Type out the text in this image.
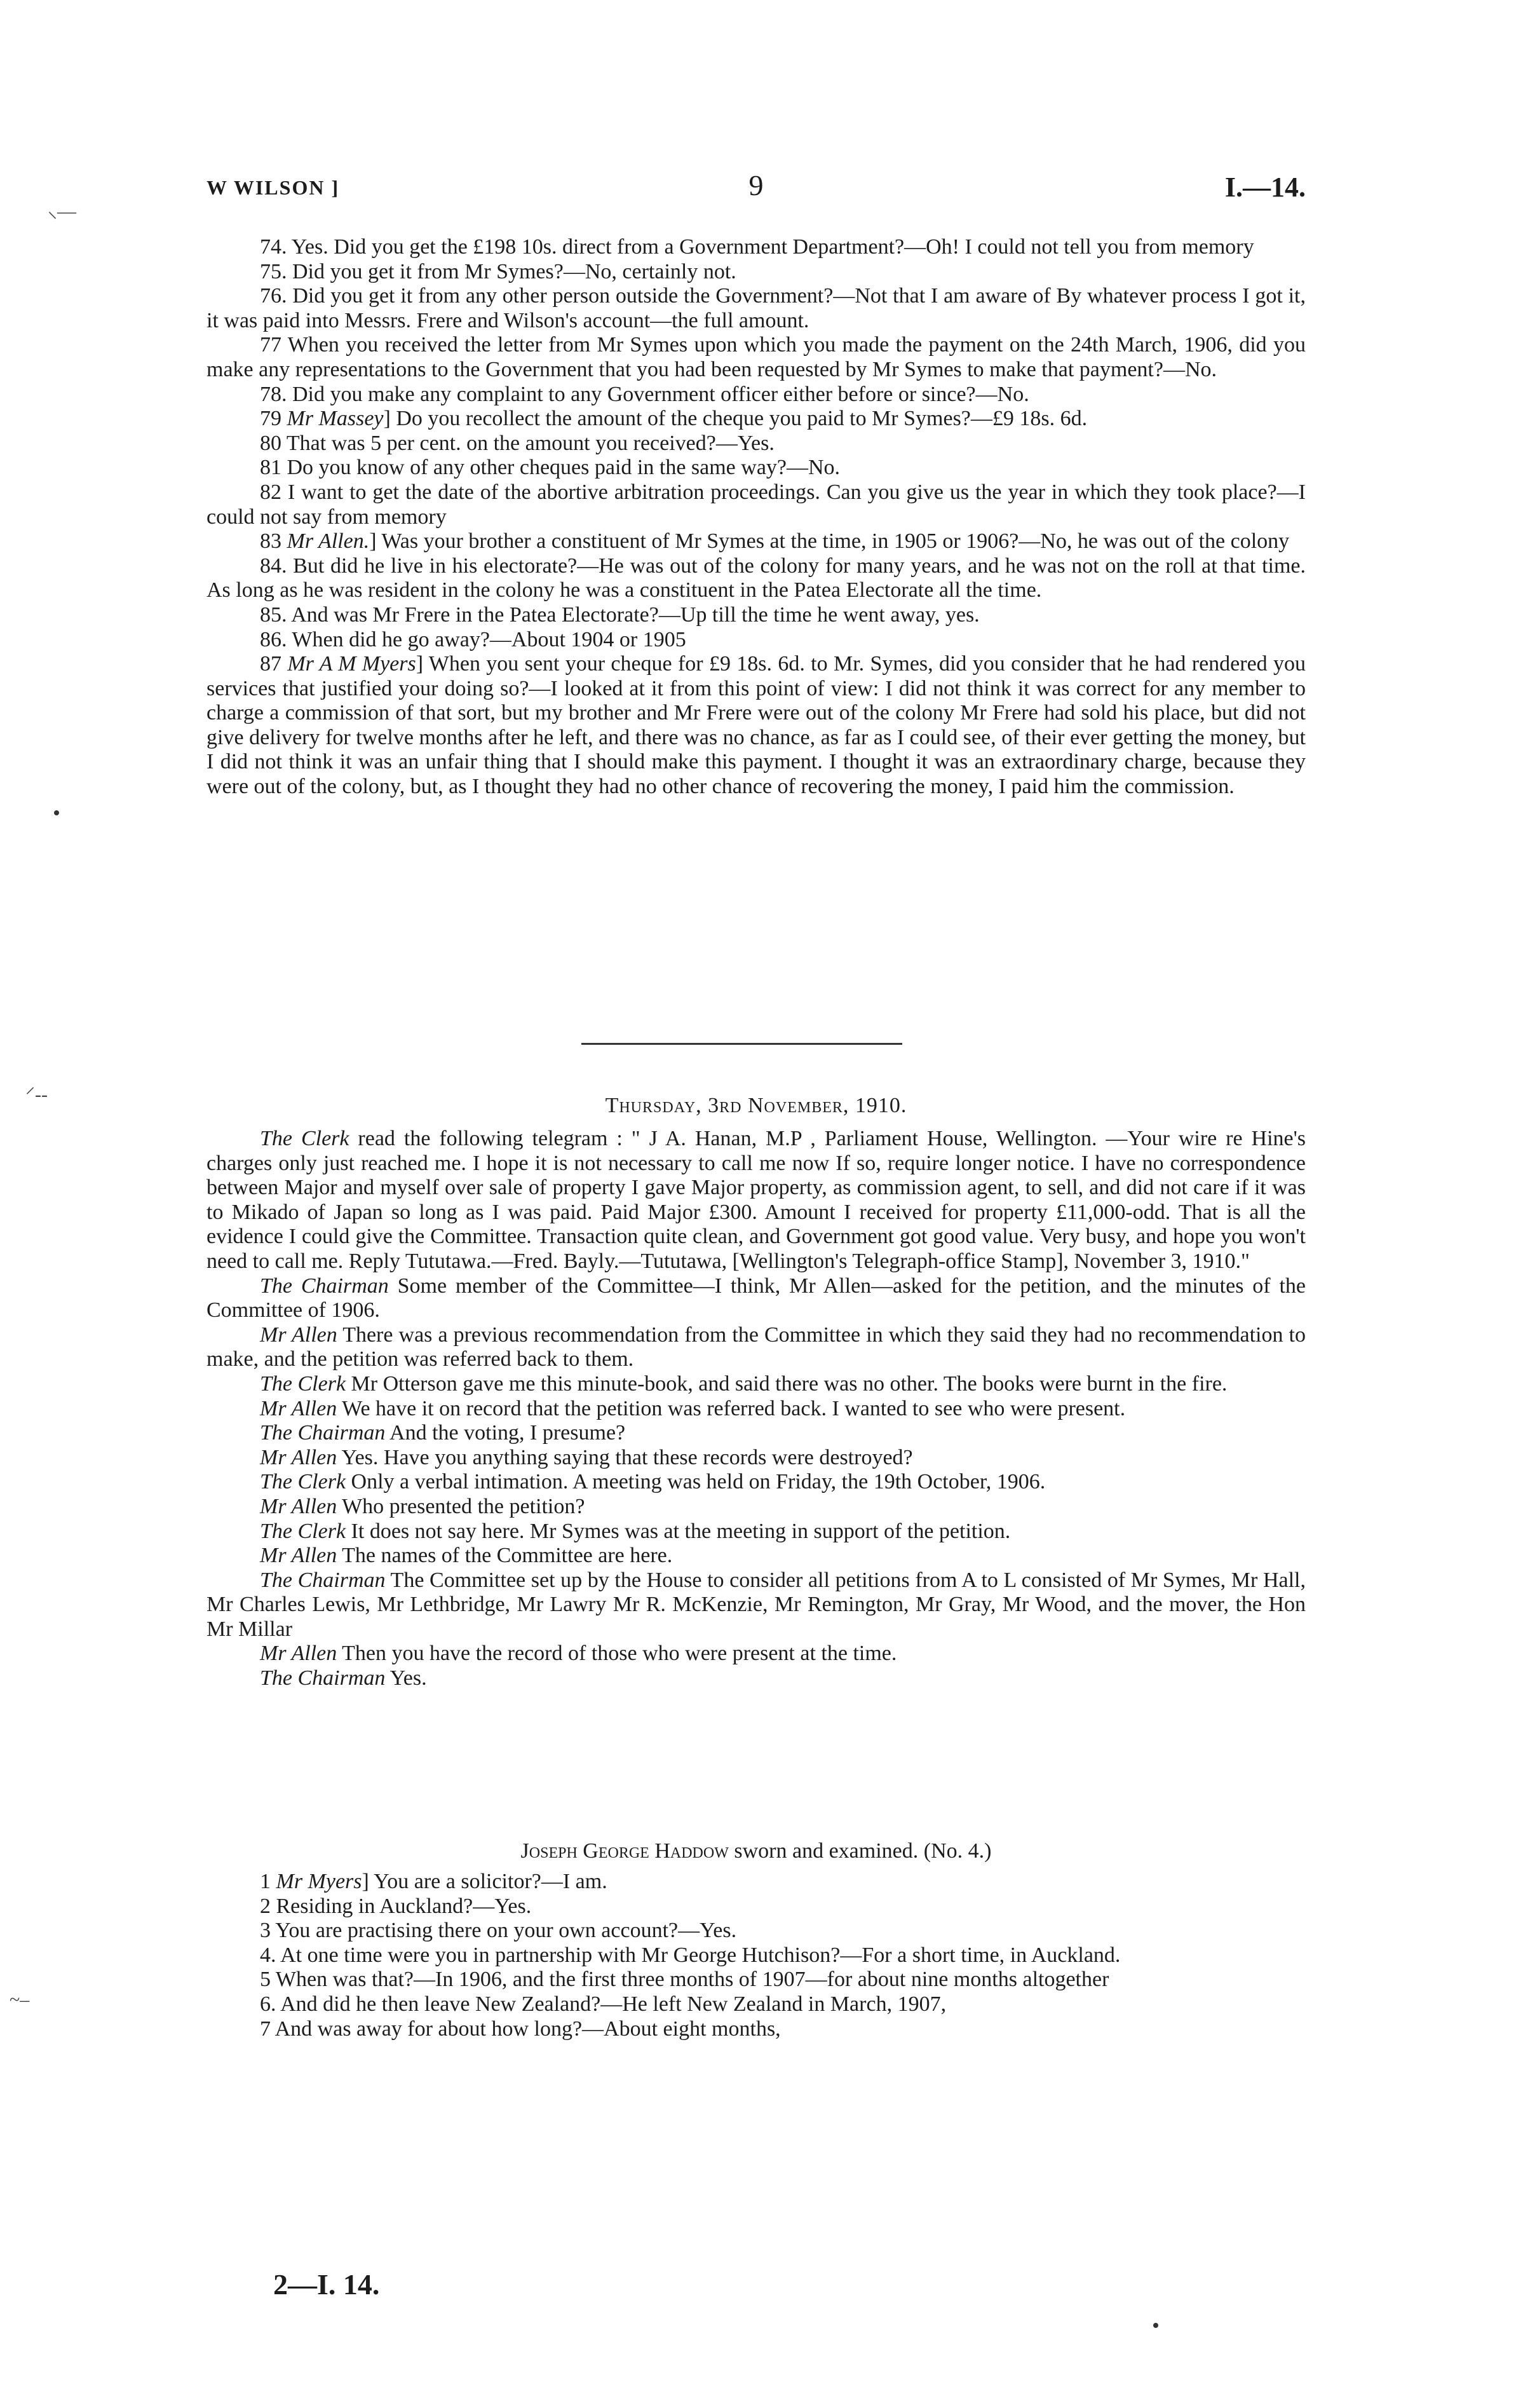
W WILSON ]	9	I.—14.
⸜—
⸍-‑
~–

74. Yes. Did you get the £198 10s. direct from a Government Department?—Oh! I could not tell you from memory

75. Did you get it from Mr Symes?—No, certainly not.

76. Did you get it from any other person outside the Government?—Not that I am aware of By whatever process I got it, it was paid into Messrs. Frere and Wilson's account—the full amount.

77 When you received the letter from Mr Symes upon which you made the payment on the 24th March, 1906, did you make any representations to the Government that you had been requested by Mr Symes to make that payment?—No.

78. Did you make any complaint to any Government officer either before or since?—No.

79 Mr Massey] Do you recollect the amount of the cheque you paid to Mr Symes?—£9 18s. 6d.

80 That was 5 per cent. on the amount you received?—Yes.

81 Do you know of any other cheques paid in the same way?—No.

82 I want to get the date of the abortive arbitration proceedings. Can you give us the year in which they took place?—I could not say from memory

83 Mr Allen.] Was your brother a constituent of Mr Symes at the time, in 1905 or 1906?—No, he was out of the colony

84. But did he live in his electorate?—He was out of the colony for many years, and he was not on the roll at that time. As long as he was resident in the colony he was a constituent in the Patea Electorate all the time.

85. And was Mr Frere in the Patea Electorate?—Up till the time he went away, yes.

86. When did he go away?—About 1904 or 1905

87 Mr A M Myers] When you sent your cheque for £9 18s. 6d. to Mr. Symes, did you consider that he had rendered you services that justified your doing so?—I looked at it from this point of view: I did not think it was correct for any member to charge a commission of that sort, but my brother and Mr Frere were out of the colony Mr Frere had sold his place, but did not give delivery for twelve months after he left, and there was no chance, as far as I could see, of their ever getting the money, but I did not think it was an unfair thing that I should make this payment. I thought it was an extraordinary charge, because they were out of the colony, but, as I thought they had no other chance of recovering the money, I paid him the commission.

Thursday, 3rd November, 1910.

The Clerk read the following telegram : " J A. Hanan, M.P , Parliament House, Wellington. —Your wire re Hine's charges only just reached me. I hope it is not necessary to call me now If so, require longer notice. I have no correspondence between Major and myself over sale of property I gave Major property, as commission agent, to sell, and did not care if it was to Mikado of Japan so long as I was paid. Paid Major £300. Amount I received for property £11,000-odd. That is all the evidence I could give the Committee. Transaction quite clean, and Government got good value. Very busy, and hope you won't need to call me. Reply Tututawa.—Fred. Bayly.—Tututawa, [Wellington's Telegraph-office Stamp], November 3, 1910."

The Chairman Some member of the Committee—I think, Mr Allen—asked for the petition, and the minutes of the Committee of 1906.

Mr Allen There was a previous recommendation from the Committee in which they said they had no recommendation to make, and the petition was referred back to them.

The Clerk Mr Otterson gave me this minute-book, and said there was no other. The books were burnt in the fire.

Mr Allen We have it on record that the petition was referred back. I wanted to see who were present.

The Chairman And the voting, I presume?

Mr Allen Yes. Have you anything saying that these records were destroyed?

The Clerk Only a verbal intimation. A meeting was held on Friday, the 19th October, 1906.

Mr Allen Who presented the petition?

The Clerk It does not say here. Mr Symes was at the meeting in support of the petition.

Mr Allen The names of the Committee are here.

The Chairman The Committee set up by the House to consider all petitions from A to L consisted of Mr Symes, Mr Hall, Mr Charles Lewis, Mr Lethbridge, Mr Lawry Mr R. McKenzie, Mr Remington, Mr Gray, Mr Wood, and the mover, the Hon Mr Millar

Mr Allen Then you have the record of those who were present at the time.

The Chairman Yes.

Joseph George Haddow sworn and examined. (No. 4.)

1 Mr Myers] You are a solicitor?—I am.

2 Residing in Auckland?—Yes.

3 You are practising there on your own account?—Yes.

4. At one time were you in partnership with Mr George Hutchison?—For a short time, in Auckland.

5 When was that?—In 1906, and the first three months of 1907—for about nine months altogether

6. And did he then leave New Zealand?—He left New Zealand in March, 1907,

7 And was away for about how long?—About eight months,

2—I. 14.
